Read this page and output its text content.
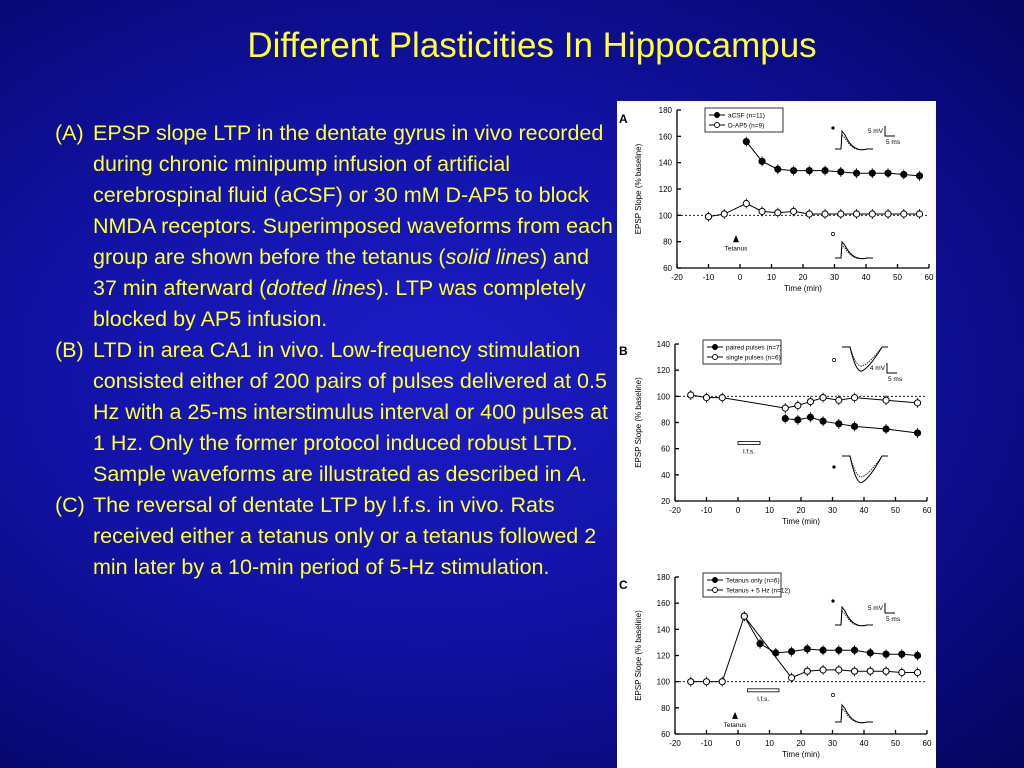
Different Plasticities In Hippocampus
(A) EPSP slope LTP in the dentate gyrus in vivo recorded during chronic minipump infusion of artificial cerebrospinal fluid (aCSF) or 30 mM D-AP5 to block NMDA receptors. Superimposed waveforms from each group are shown before the tetanus (solid lines) and 37 min afterward (dotted lines). LTP was completely blocked by AP5 infusion.
(B) LTD in area CA1 in vivo. Low-frequency stimulation consisted either of 200 pairs of pulses delivered at 0.5 Hz with a 25-ms interstimulus interval or 400 pulses at 1 Hz. Only the former protocol induced robust LTD. Sample waveforms are illustrated as described in A.
(C) The reversal of dentate LTP by l.f.s. in vivo. Rats received either a tetanus only or a tetanus followed 2 min later by a 10-min period of 5-Hz stimulation.
A
60
80
100
120
140
160
180
-20 -10	0	10	20	30	40	50	60
Time (min)
EPSP Slope (% baseline)
aCSF (n=11)
D-AP5 (n=9)
Tetanus
5 mV
5 ms
B
20
40
60
80
100
120
140
-20 -10	0	10	20	30	40	50	60
Time (min)
EPSP Slope (% baseline)
paired pulses (n=7)
single pulses (n=6)
l.f.s.
4 mV
5 ms
C
60
80
100
120
140
160
180
-20 -10	0	10	20	30	40	50	60
Time (min)
EPSP Slope (% baseline)
Tetanus only (n=6)
Tetanus + 5 Hz (n=12)
l.f.s.
Tetanus
5 mV
5 ms
